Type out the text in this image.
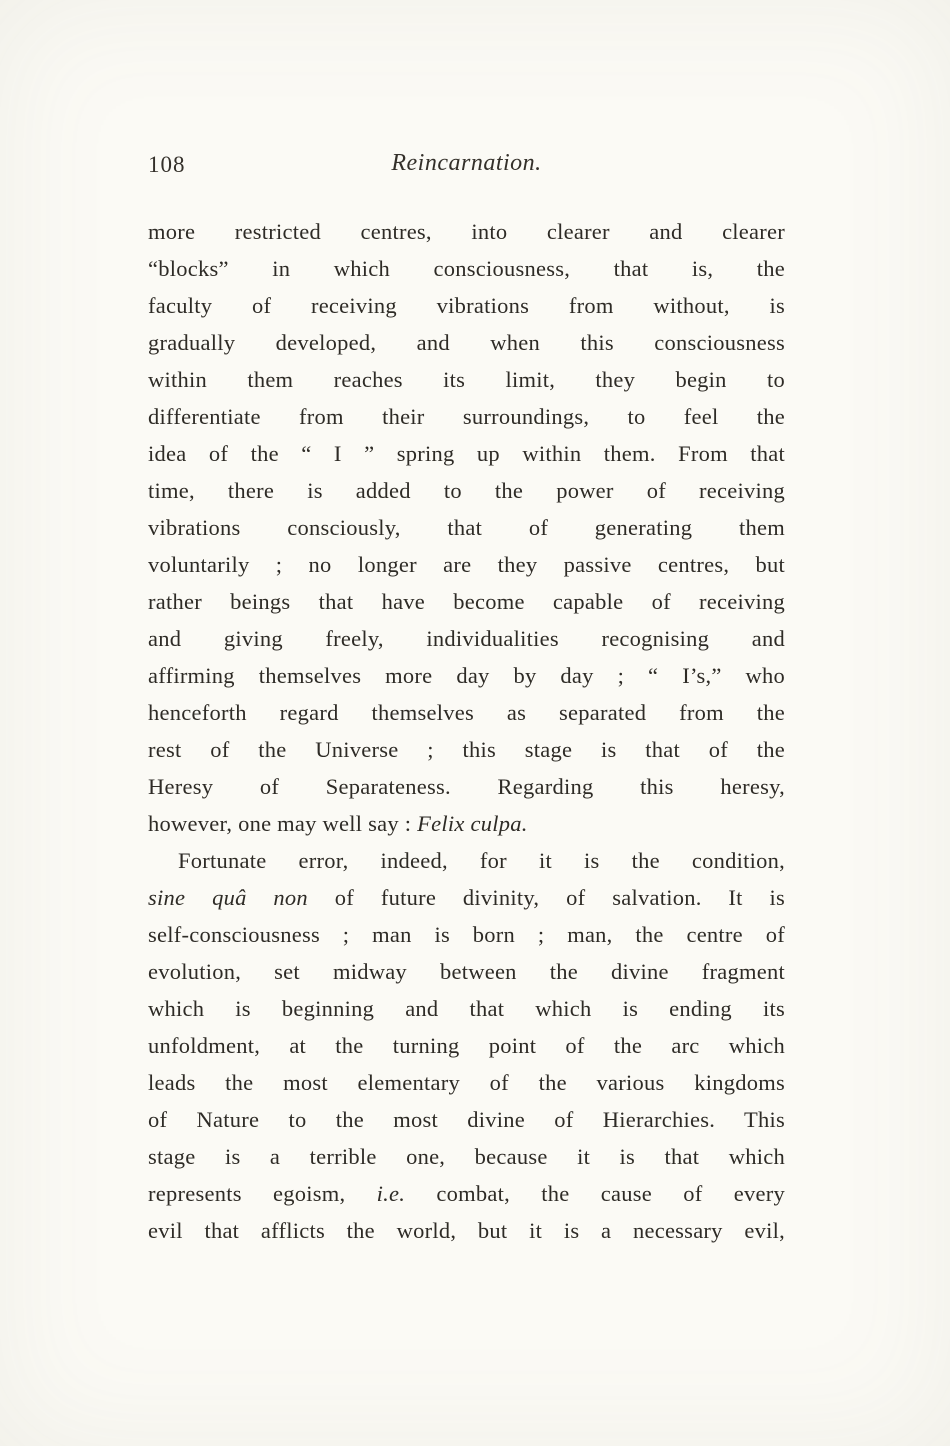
108	Reincarnation.
more restricted centres, into clearer and clearer
“blocks” in which consciousness, that is, the
faculty of receiving vibrations from without, is
gradually developed, and when this consciousness
within them reaches its limit, they begin to
differentiate from their surroundings, to feel the
idea of the “ I ” spring up within them. From that
time, there is added to the power of receiving
vibrations consciously, that of generating them
voluntarily ; no longer are they passive centres, but
rather beings that have become capable of receiving
and giving freely, individualities recognising and
affirming themselves more day by day ; “ I’s,” who
henceforth regard themselves as separated from the
rest of the Universe ; this stage is that of the
Heresy of Separateness. Regarding this heresy,
however, one may well say : Felix culpa.
Fortunate error, indeed, for it is the condition,
sine quâ non of future divinity, of salvation. It is
self-consciousness ; man is born ; man, the centre of
evolution, set midway between the divine fragment
which is beginning and that which is ending its
unfoldment, at the turning point of the arc which
leads the most elementary of the various kingdoms
of Nature to the most divine of Hierarchies. This
stage is a terrible one, because it is that which
represents egoism, i.e. combat, the cause of every
evil that afflicts the world, but it is a necessary evil,
